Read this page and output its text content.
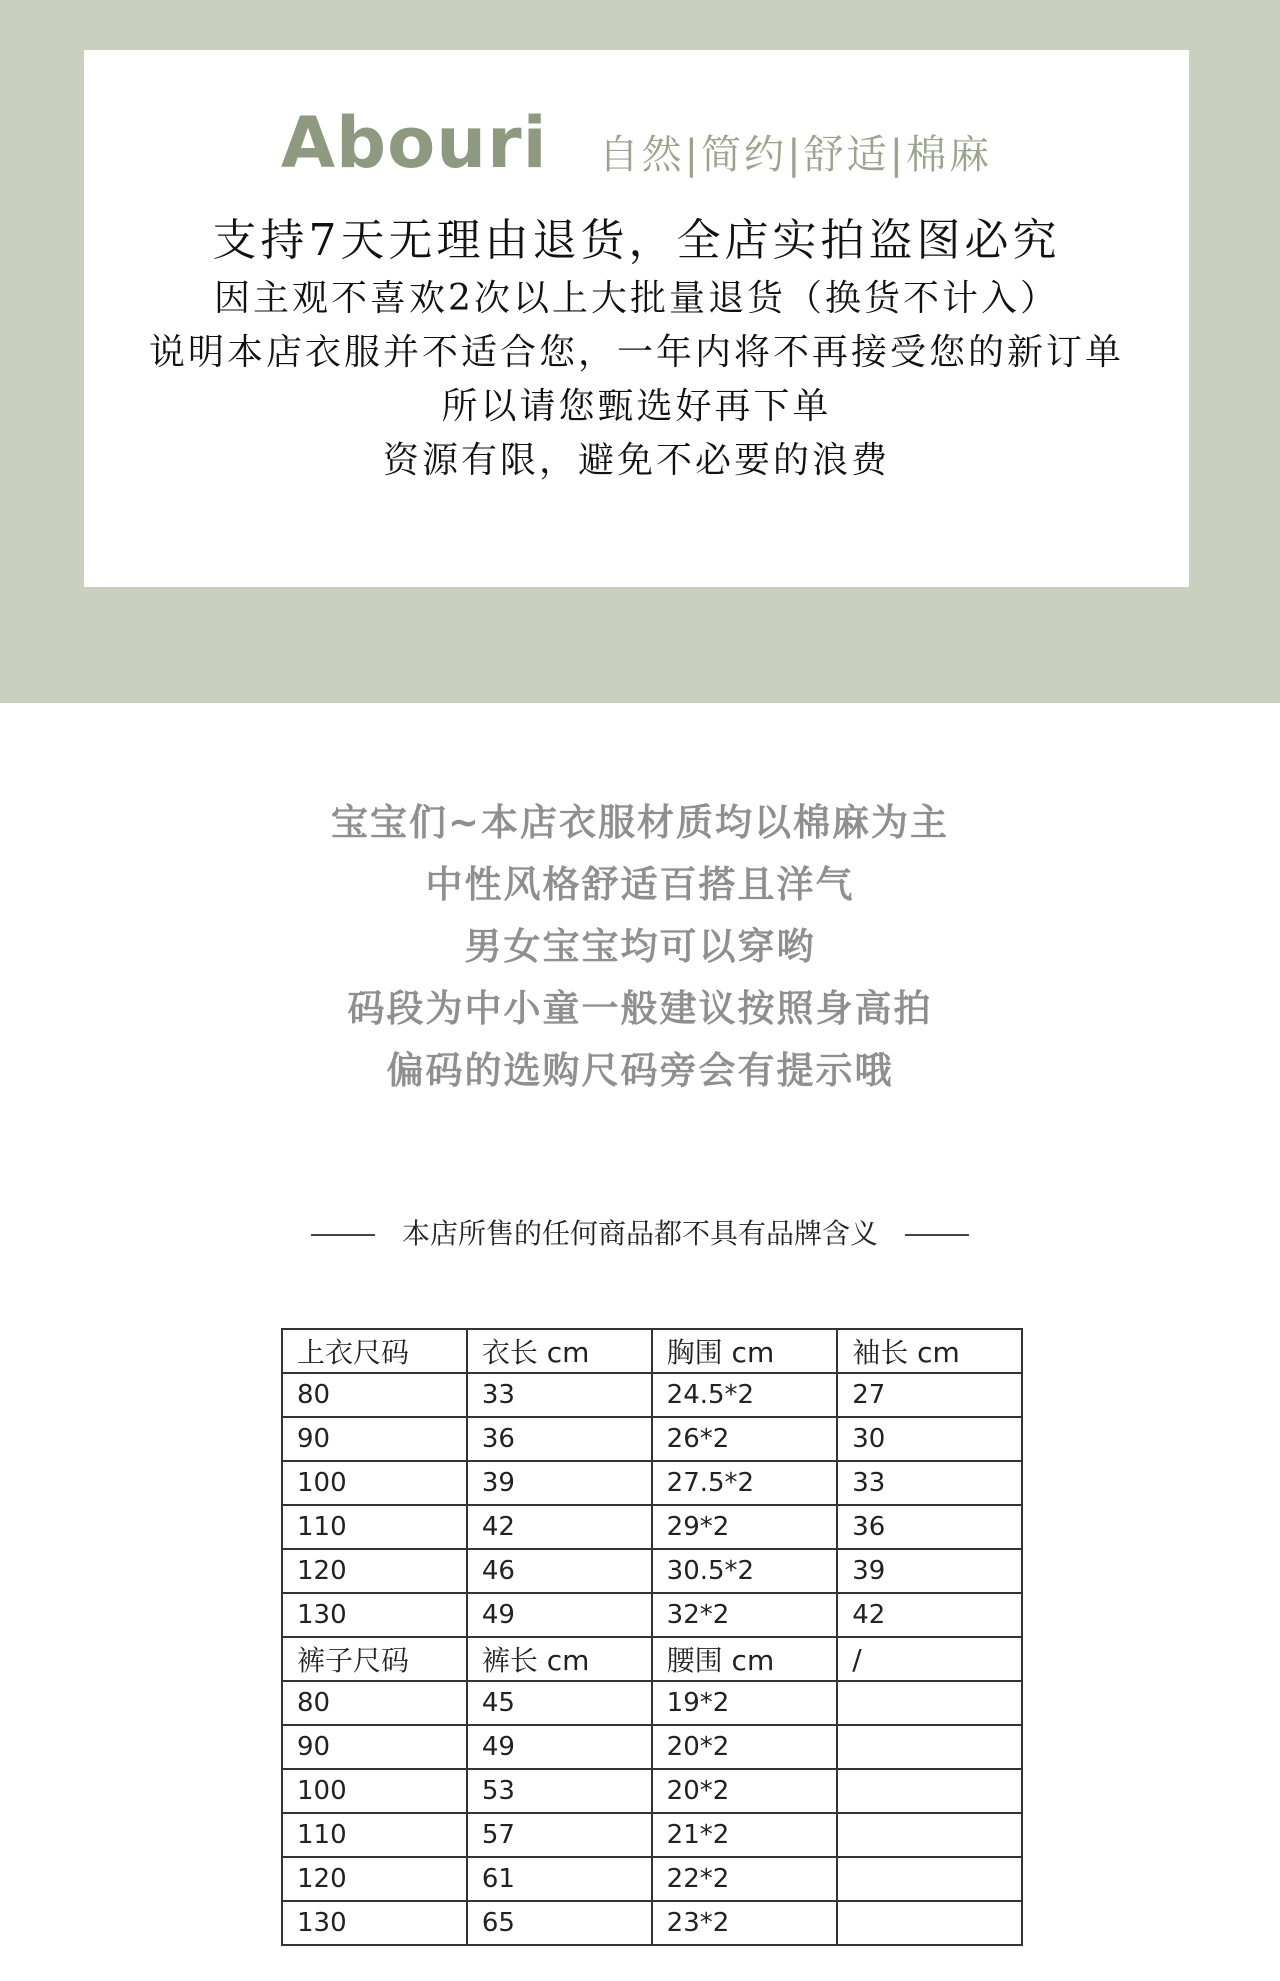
Abouri 自然|简约|舒适|棉麻
支持7天无理由退货，全店实拍盗图必究
因主观不喜欢2次以上大批量退货（换货不计入）
说明本店衣服并不适合您，一年内将不再接受您的新订单
所以请您甄选好再下单
资源有限，避免不必要的浪费
宝宝们~本店衣服材质均以棉麻为主
中性风格舒适百搭且洋气
男女宝宝均可以穿哟
码段为中小童一般建议按照身高拍
偏码的选购尺码旁会有提示哦
本店所售的任何商品都不具有品牌含义
上衣尺码	衣长 cm	胸围 cm	袖长 cm
80	33	24.5*2	27
90	36	26*2	30
100	39	27.5*2	33
110	42	29*2	36
120	46	30.5*2	39
130	49	32*2	42
裤子尺码	裤长 cm	腰围 cm	/
80	45	19*2	
90	49	20*2	
100	53	20*2	
110	57	21*2	
120	61	22*2	
130	65	23*2	
